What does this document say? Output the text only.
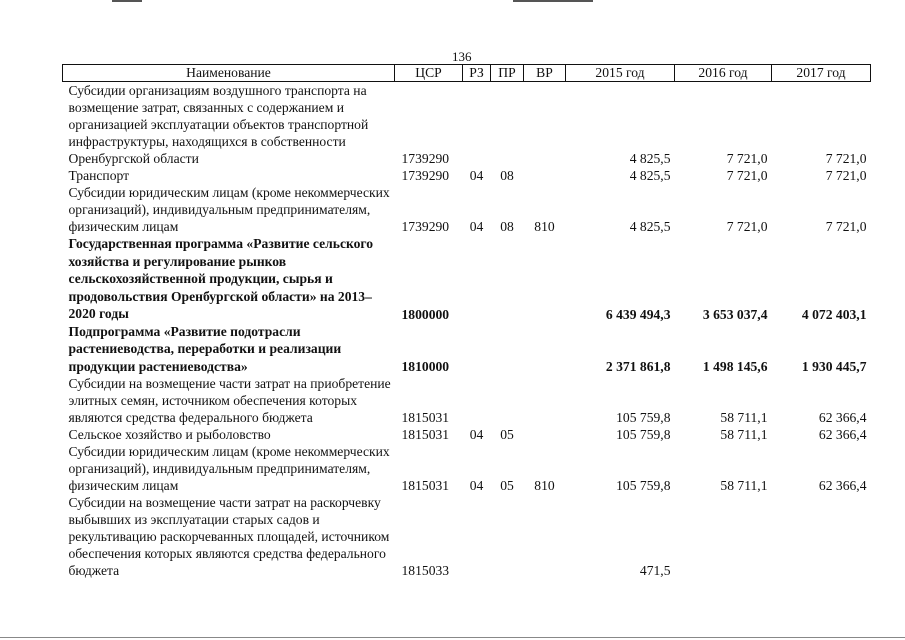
136
Наименование	ЦСР	РЗ	ПР	ВР	2015 год	2016 год	2017 год
Субсидии организациям воздушного транспорта на возмещение затрат, связанных с содержанием и организацией эксплуатации объектов транспортной инфраструктуры, находящихся в собственности Оренбургской области	1739290				4 825,5	7 721,0	7 721,0
Транспорт	1739290	04	08		4 825,5	7 721,0	7 721,0
Субсидии юридическим лицам (кроме некоммерческих организаций), индивидуальным предпринимателям, физическим лицам	1739290	04	08	810	4 825,5	7 721,0	7 721,0
Государственная программа «Развитие сельского хозяйства и регулирование рынков сельскохозяйственной продукции, сырья и продовольствия Оренбургской области» на 2013–2020 годы	1800000				6 439 494,3	3 653 037,4	4 072 403,1
Подпрограмма «Развитие подотрасли растениеводства, переработки и реализации продукции растениеводства»	1810000				2 371 861,8	1 498 145,6	1 930 445,7
Субсидии на возмещение части затрат на приобретение элитных семян, источником обеспечения которых являются средства федерального бюджета	1815031				105 759,8	58 711,1	62 366,4
Сельское хозяйство и рыболовство	1815031	04	05		105 759,8	58 711,1	62 366,4
Субсидии юридическим лицам (кроме некоммерческих организаций), индивидуальным предпринимателям, физическим лицам	1815031	04	05	810	105 759,8	58 711,1	62 366,4
Субсидии на возмещение части затрат на раскорчевку выбывших из эксплуатации старых садов и рекультивацию раскорчеванных площадей, источником обеспечения которых являются средства федерального бюджета	1815033				471,5		
